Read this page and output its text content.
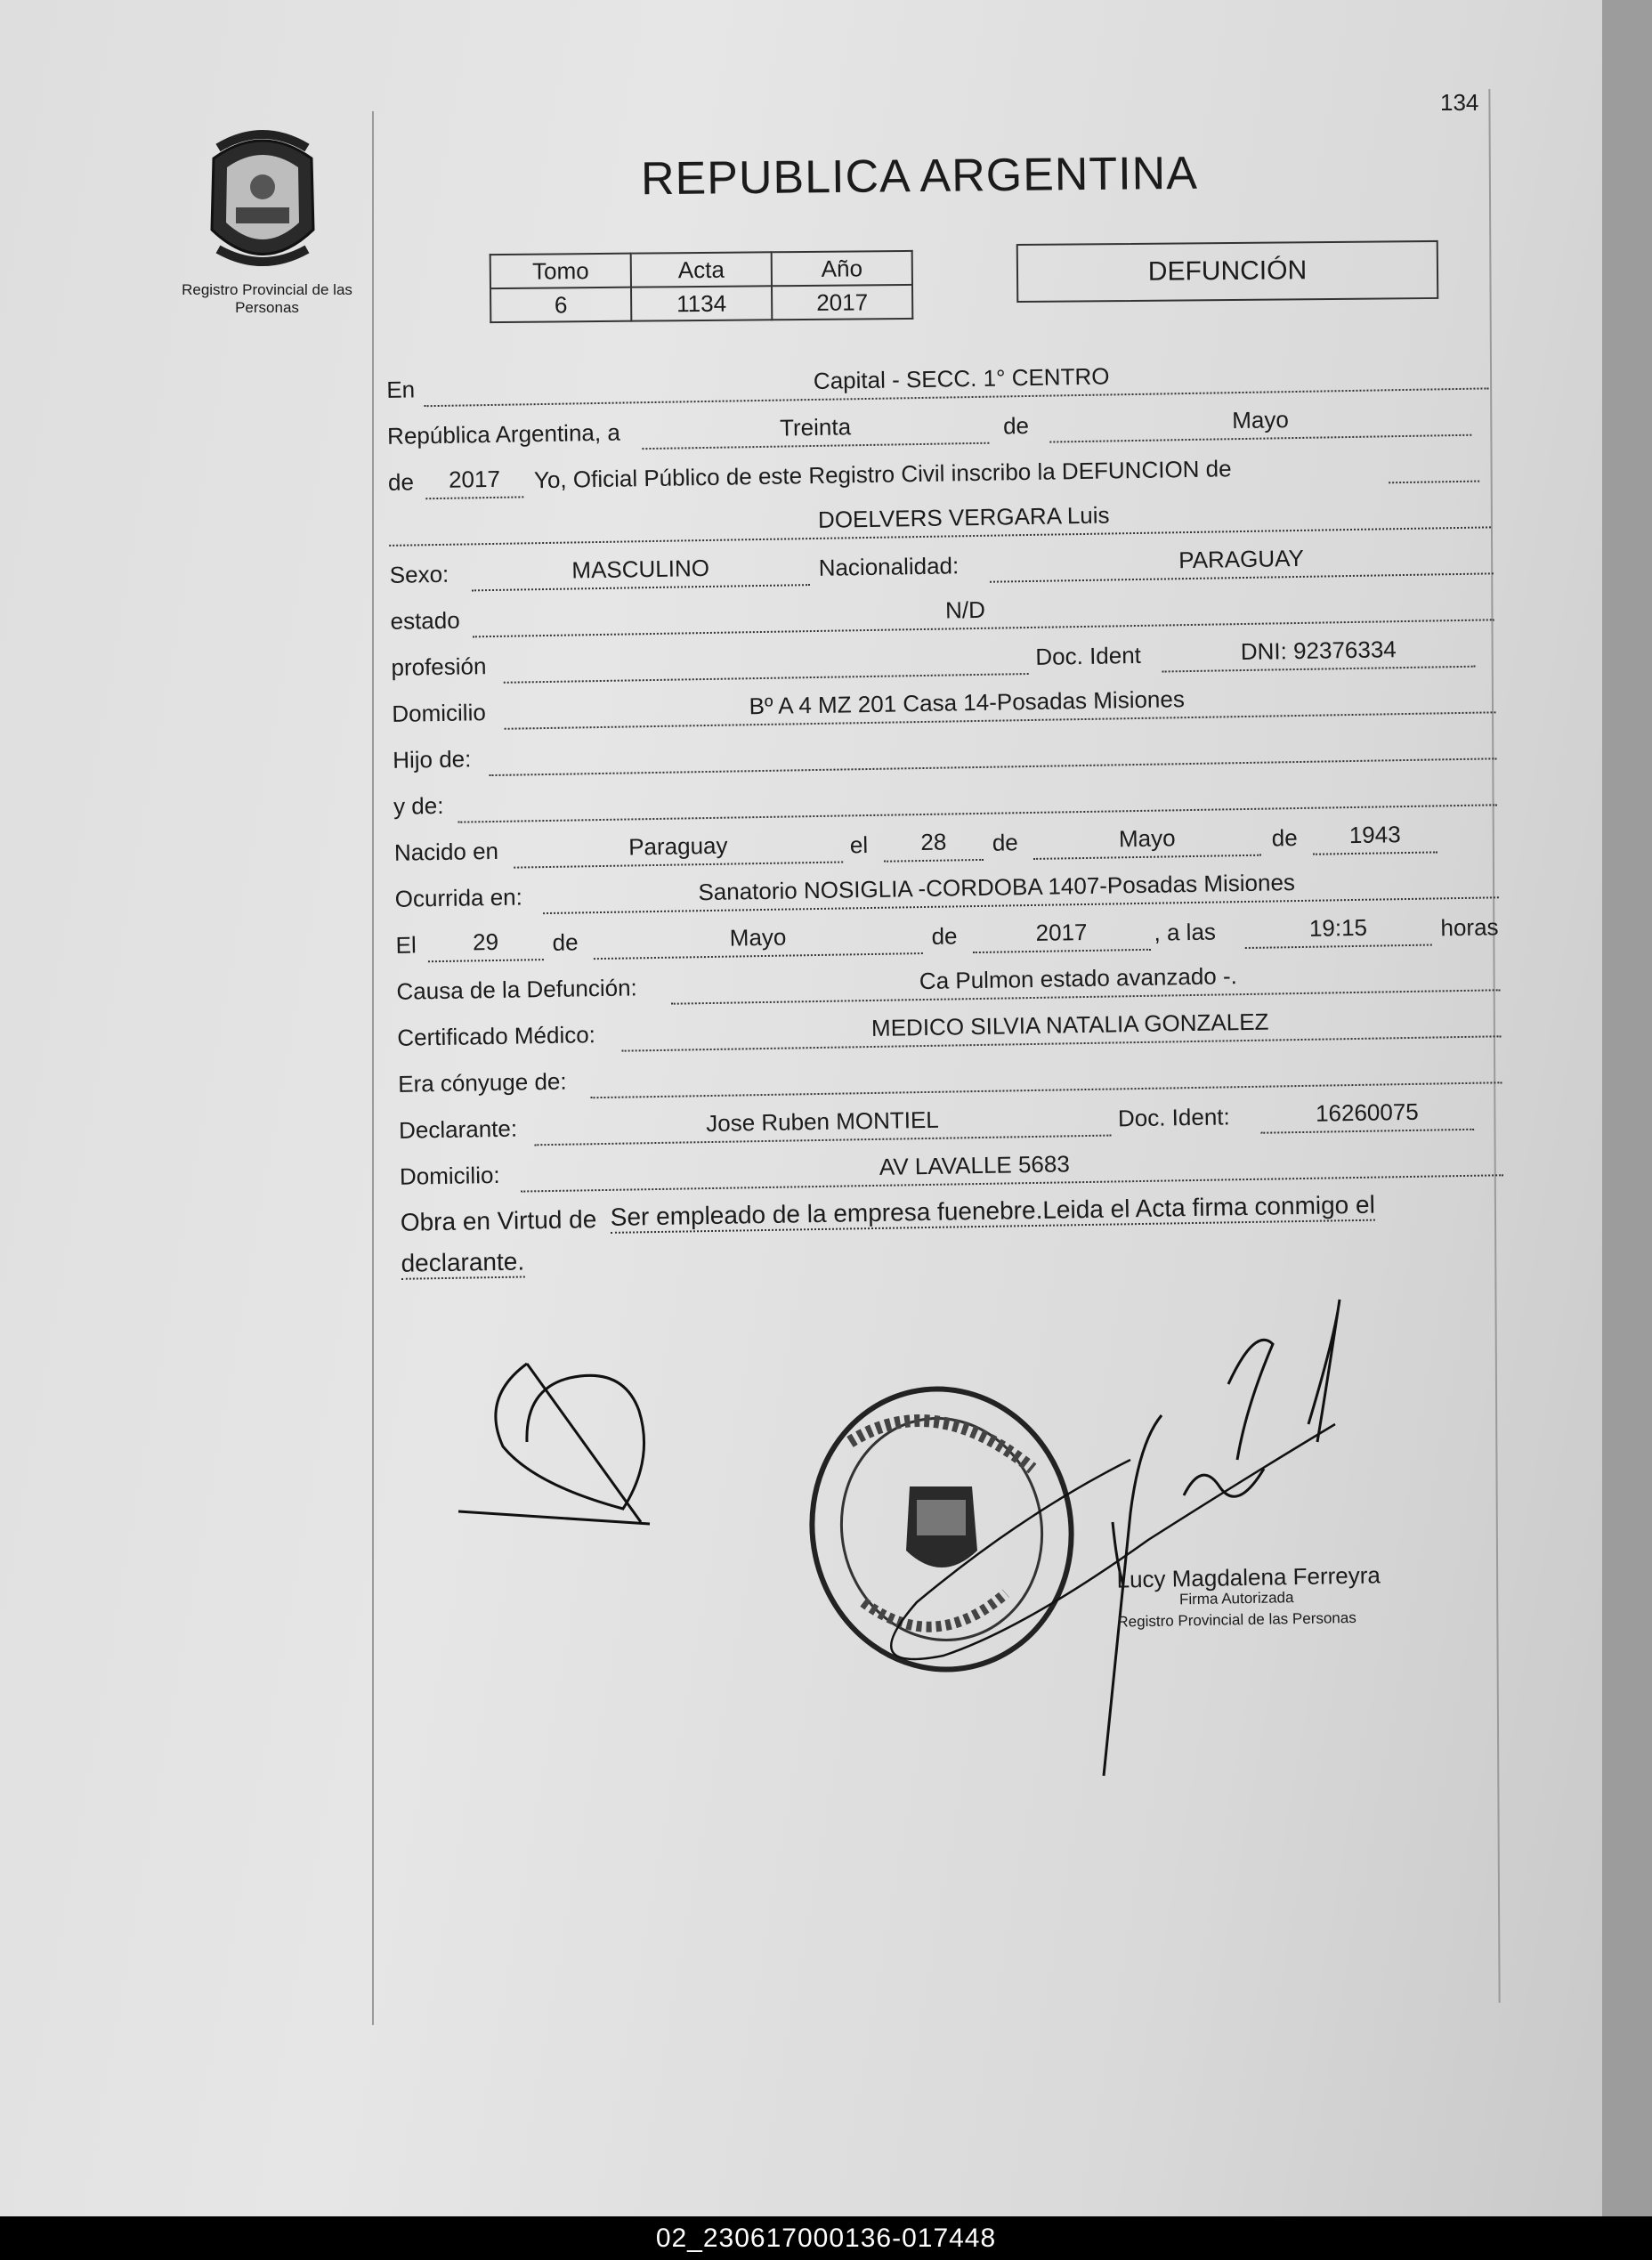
134
Registro Provincial de las Personas
REPUBLICA ARGENTINA
Tomo	Acta	Año
6	1134	2017
DEFUNCIÓN
En	Capital - SECC. 1° CENTRO
República Argentina, a	Treinta	de	Mayo
de	2017	Yo, Oficial Público de este Registro Civil inscribo la DEFUNCION de
DOELVERS VERGARA Luis
Sexo:	MASCULINO	Nacionalidad:	PARAGUAY
estado	N/D
profesión	Doc. Ident	DNI: 92376334
Domicilio	Bº A 4 MZ 201 Casa 14-Posadas Misiones
Hijo de:
y de:
Nacido en	Paraguay	el	28	de	Mayo	de	1943
Ocurrida en:	Sanatorio NOSIGLIA -CORDOBA 1407-Posadas Misiones
El	29	de	Mayo	de	2017	, a las	19:15	horas
Causa de la Defunción:	Ca Pulmon estado avanzado -.
Certificado Médico:	MEDICO SILVIA NATALIA GONZALEZ
Era cónyuge de:
Declarante:	Jose Ruben MONTIEL	Doc. Ident:	16260075
Domicilio:	AV LAVALLE 5683
Obra en Virtud de Ser empleado de la empresa fuenebre.Leida el Acta firma conmigo el
declarante.
Lucy Magdalena Ferreyra
Firma Autorizada
Registro Provincial de las Personas
02_230617000136-017448
